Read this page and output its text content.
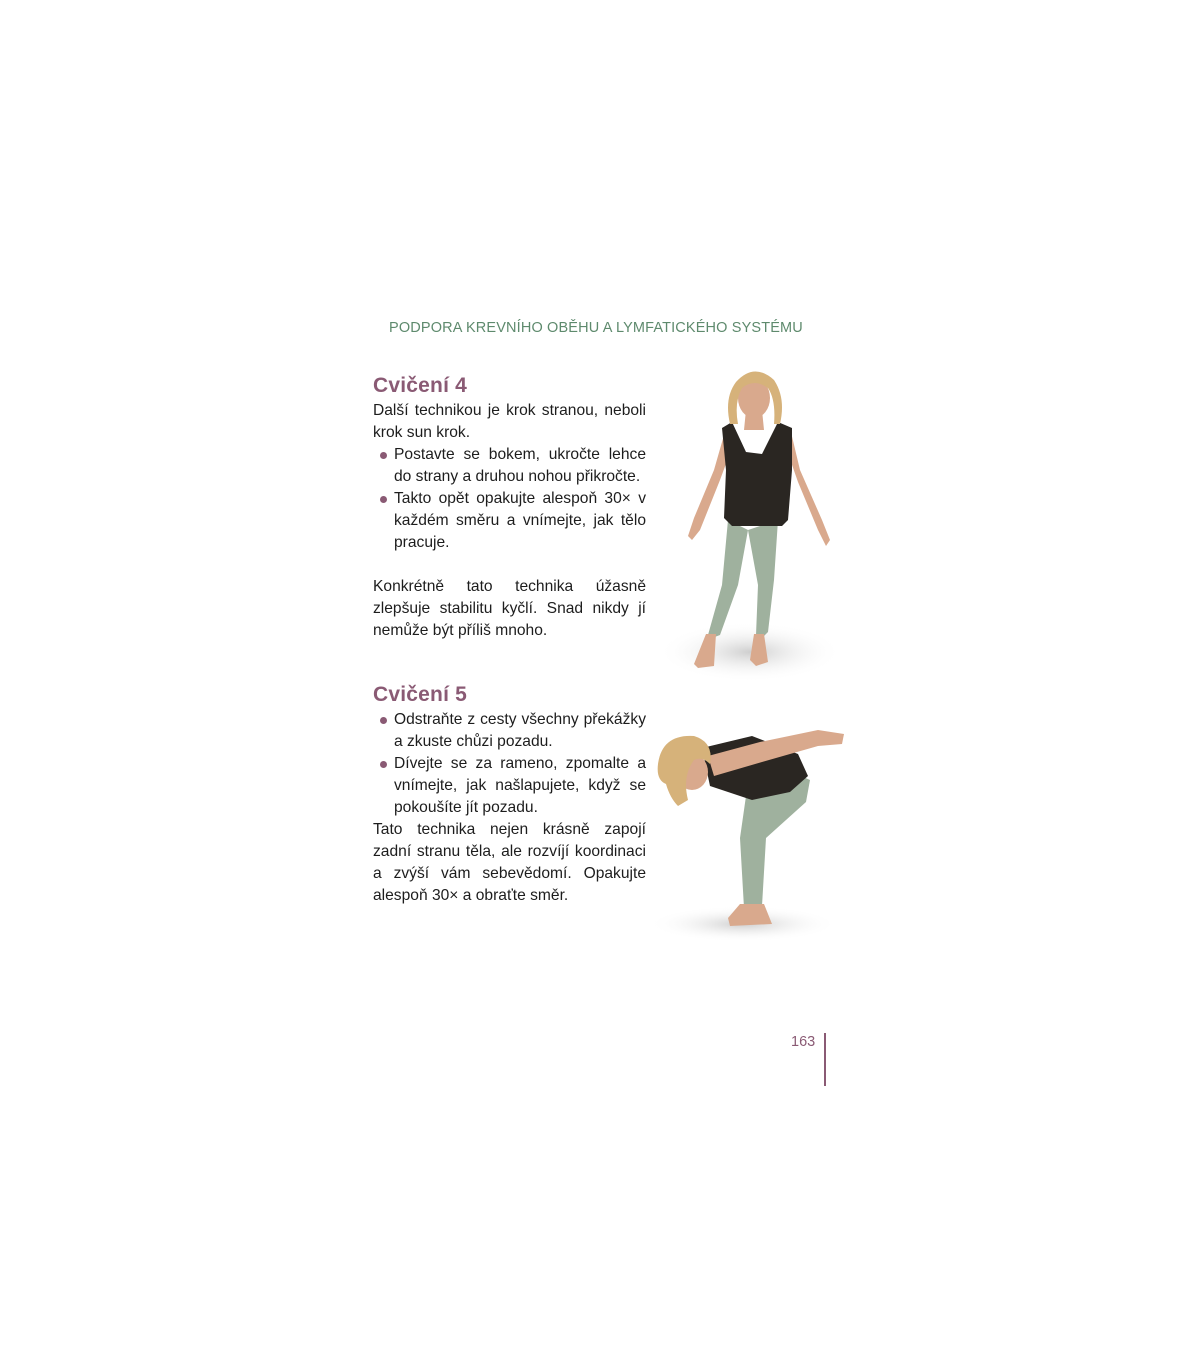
PODPORA KREVNÍHO OBĚHU A LYMFATICKÉHO SYSTÉMU
Cvičení 4

Další technikou je krok stranou, neboli krok sun krok.

Postavte se bokem, ukročte lehce do strany a druhou nohou přikročte.
Takto opět opakujte alespoň 30× v každém směru a vnímejte, jak tělo pracuje.

Konkrétně tato technika úžasně zlepšuje stabilitu kyčlí. Snad nikdy jí nemůže být příliš mnoho.

Cvičení 5
Odstraňte z cesty všechny překážky a zkuste chůzi pozadu.
Dívejte se za rameno, zpomalte a vnímejte, jak našlapujete, když se pokoušíte jít pozadu.

Tato technika nejen krásně zapojí zadní stranu těla, ale rozvíjí koordinaci a zvýší vám sebevědomí. Opakujte alespoň 30× a obraťte směr.

163
